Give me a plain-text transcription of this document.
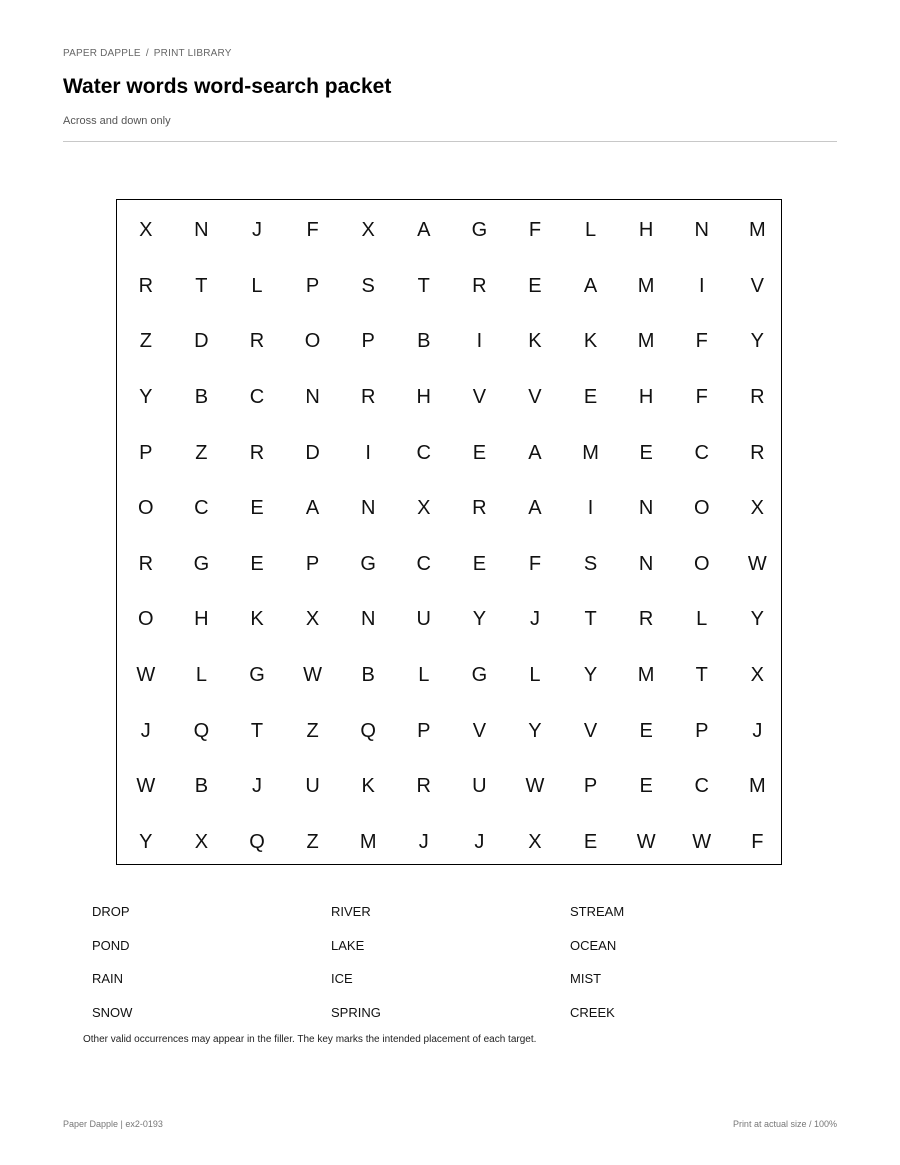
PAPER DAPPLE / PRINT LIBRARY
Water words word-search packet
Across and down only
X	N	J	F	X	A	G	F	L	H	N	M
R	T	L	P	S	T	R	E	A	M	I	V
Z	D	R	O	P	B	I	K	K	M	F	Y
Y	B	C	N	R	H	V	V	E	H	F	R
P	Z	R	D	I	C	E	A	M	E	C	R
O	C	E	A	N	X	R	A	I	N	O	X
R	G	E	P	G	C	E	F	S	N	O	W
O	H	K	X	N	U	Y	J	T	R	L	Y
W	L	G	W	B	L	G	L	Y	M	T	X
J	Q	T	Z	Q	P	V	Y	V	E	P	J
W	B	J	U	K	R	U	W	P	E	C	M
Y	X	Q	Z	M	J	J	X	E	W	W	F
DROP	RIVER	STREAM
POND	LAKE	OCEAN
RAIN	ICE	MIST
SNOW	SPRING	CREEK
Other valid occurrences may appear in the filler. The key marks the intended placement of each target.
Paper Dapple | ex2-0193	Print at actual size / 100%
